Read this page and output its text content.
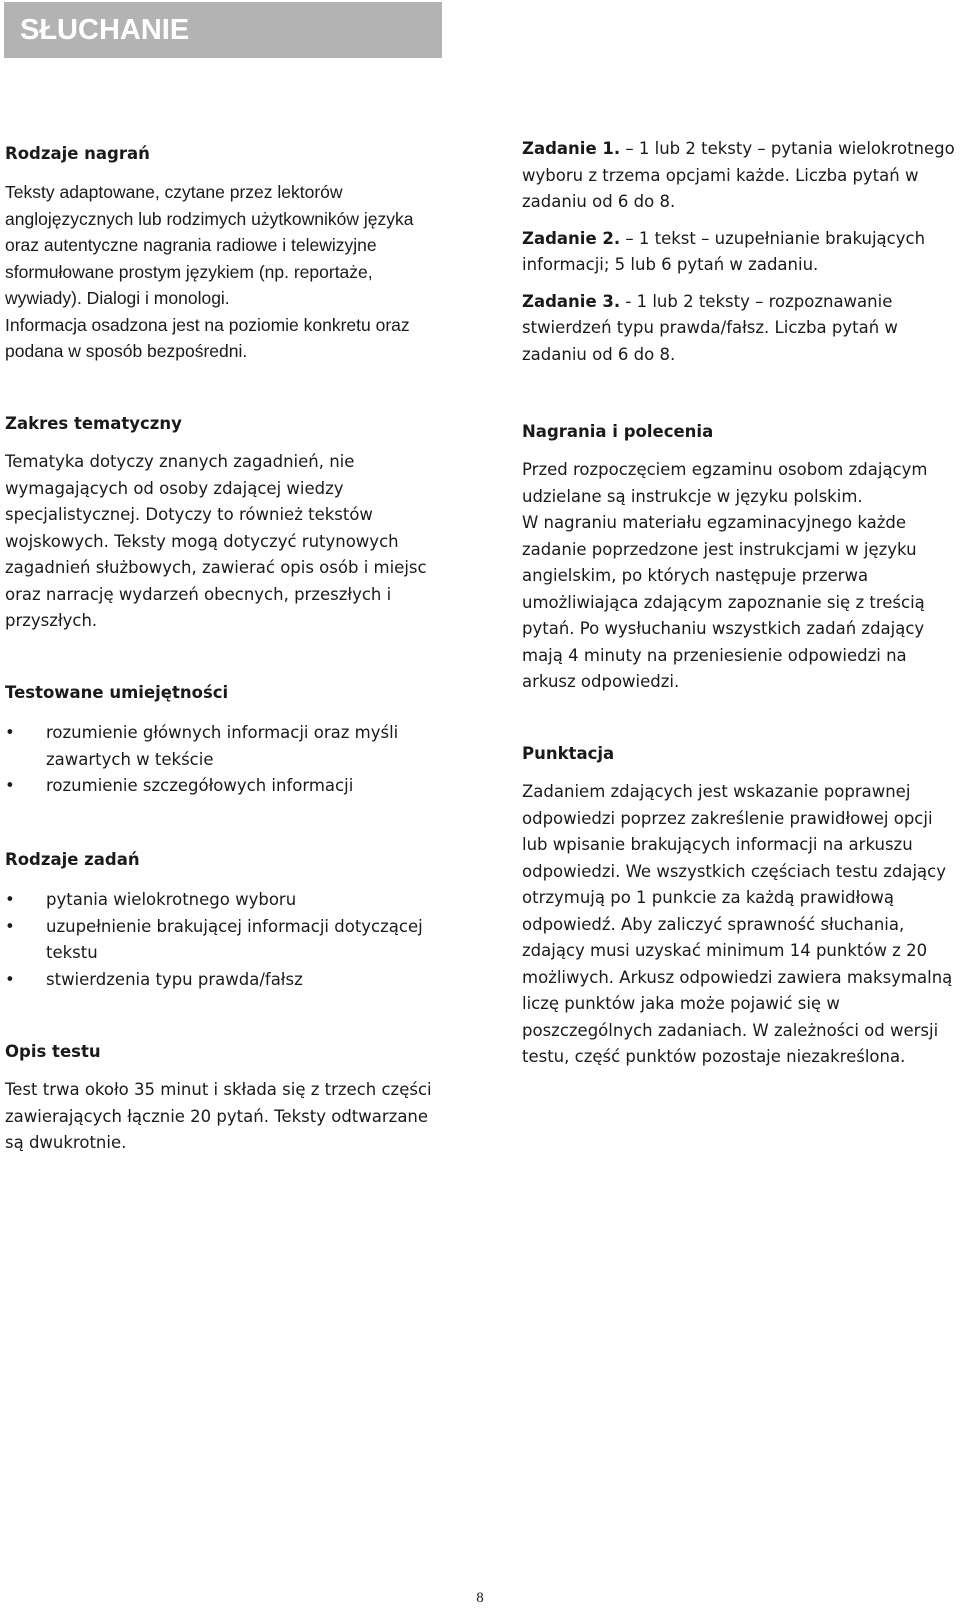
SŁUCHANIE
Rodzaje nagrań

Teksty adaptowane, czytane przez lektorów anglojęzycznych lub rodzimych użytkowników języka oraz autentyczne nagrania radiowe i telewizyjne sformułowane prostym językiem (np. reportaże, wywiady). Dialogi i monologi.

Informacja osadzona jest na poziomie konkretu oraz podana w sposób bezpośredni.

Zadanie 1. – 1 lub 2 teksty – pytania wielokrotnego wyboru z trzema opcjami każde. Liczba pytań w zadaniu od 6 do 8.

Zadanie 2. – 1 tekst – uzupełnianie brakujących informacji; 5 lub 6 pytań w zadaniu.

Zadanie 3. - 1 lub 2 teksty – rozpoznawanie stwierdzeń typu prawda/fałsz. Liczba pytań w zadaniu od 6 do 8.

Zakres tematyczny

Tematyka dotyczy znanych zagadnień, nie wymagających od osoby zdającej wiedzy specjalistycznej. Dotyczy to również tekstów wojskowych. Teksty mogą dotyczyć rutynowych zagadnień służbowych, zawierać opis osób i miejsc oraz narrację wydarzeń obecnych, przeszłych i przyszłych.

Testowane umiejętności
• rozumienie głównych informacji oraz myśli zawartych w tekście
• rozumienie szczegółowych informacji
Rodzaje zadań
• pytania wielokrotnego wyboru
• uzupełnienie brakującej informacji dotyczącej tekstu
• stwierdzenia typu prawda/fałsz
Opis testu

Test trwa około 35 minut i składa się z trzech części zawierających łącznie 20 pytań. Teksty odtwarzane są dwukrotnie.

Nagrania i polecenia

Przed rozpoczęciem egzaminu osobom zdającym udzielane są instrukcje w języku polskim.

W nagraniu materiału egzaminacyjnego każde zadanie poprzedzone jest instrukcjami w języku angielskim, po których następuje przerwa umożliwiająca zdającym zapoznanie się z treścią pytań. Po wysłuchaniu wszystkich zadań zdający mają 4 minuty na przeniesienie odpowiedzi na arkusz odpowiedzi.

Punktacja

Zadaniem zdających jest wskazanie poprawnej odpowiedzi poprzez zakreślenie prawidłowej opcji lub wpisanie brakujących informacji na arkuszu odpowiedzi. We wszystkich częściach testu zdający otrzymują po 1 punkcie za każdą prawidłową odpowiedź. Aby zaliczyć sprawność słuchania, zdający musi uzyskać minimum 14 punktów z 20 możliwych. Arkusz odpowiedzi zawiera maksymalną liczę punktów jaka może pojawić się w poszczególnych zadaniach. W zależności od wersji testu, część punktów pozostaje niezakreślona.

8
